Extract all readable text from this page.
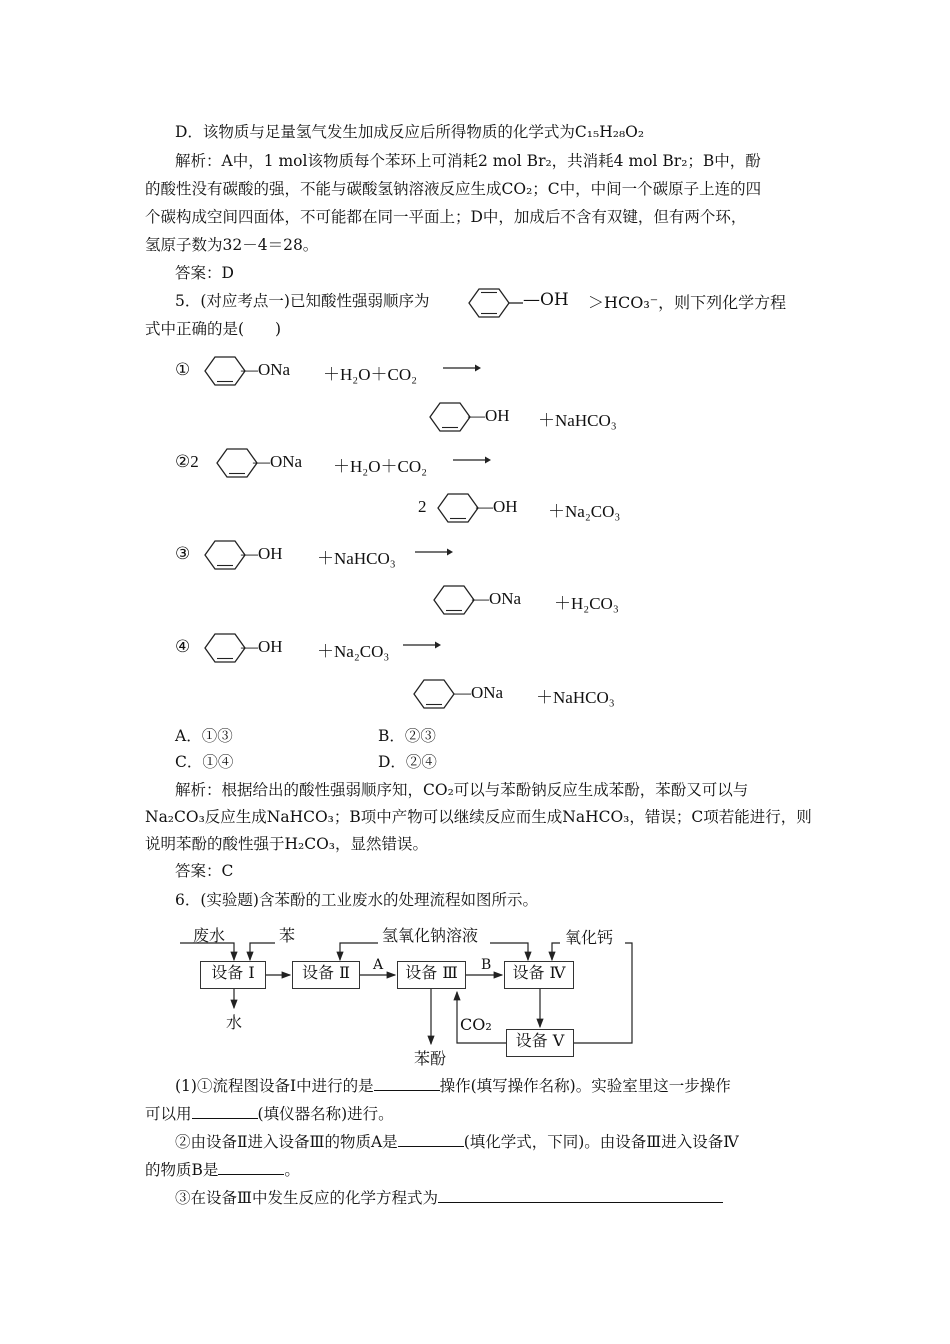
D．该物质与足量氢气发生加成反应后所得物质的化学式为C₁₅H₂₈O₂
解析：A中，1 mol该物质每个苯环上可消耗2 mol Br₂，共消耗4 mol Br₂；B中，酚
的酸性没有碳酸的强，不能与碳酸氢钠溶液反应生成CO₂；C中，中间一个碳原子上连的四
个碳构成空间四面体，不可能都在同一平面上；D中，加成后不含有双键，但有两个环，
氢原子数为32－4＝28。
答案：D
5．(对应考点一)已知酸性强弱顺序为	—OH ＞HCO₃⁻，则下列化学方程
式中正确的是(　　)
①	—ONa ＋H₂O＋CO₂
—OH ＋NaHCO₃
②2	—ONa ＋H₂O＋CO₂
2	—OH ＋Na₂CO₃
③	—OH ＋NaHCO₃ →
—ONa ＋H₂CO₃
④	—OH ＋Na₂CO₃ →
—ONa ＋NaHCO₃
A．①③	B．②③
C．①④	D．②④
解析：根据给出的酸性强弱顺序知，CO₂可以与苯酚钠反应生成苯酚，苯酚又可以与
Na₂CO₃反应生成NaHCO₃；B项中产物可以继续反应而生成NaHCO₃，错误；C项若能进行，则
说明苯酚的酸性强于H₂CO₃，显然错误。
答案：C
6．(实验题)含苯酚的工业废水的处理流程如图所示。
废水	苯	氢氧化钠溶液	氧化钙
设备 Ⅰ	设备 Ⅱ	设备 Ⅲ	设备 Ⅳ
设备 Ⅴ
A	B
水	CO₂
苯酚
(1)①流程图设备Ⅰ中进行的是	操作(填写操作名称)。实验室里这一步操作
可以用	(填仪器名称)进行。
②由设备Ⅱ进入设备Ⅲ的物质A是	(填化学式，下同)。由设备Ⅲ进入设备Ⅳ
的物质B是	。
③在设备Ⅲ中发生反应的化学方程式为
